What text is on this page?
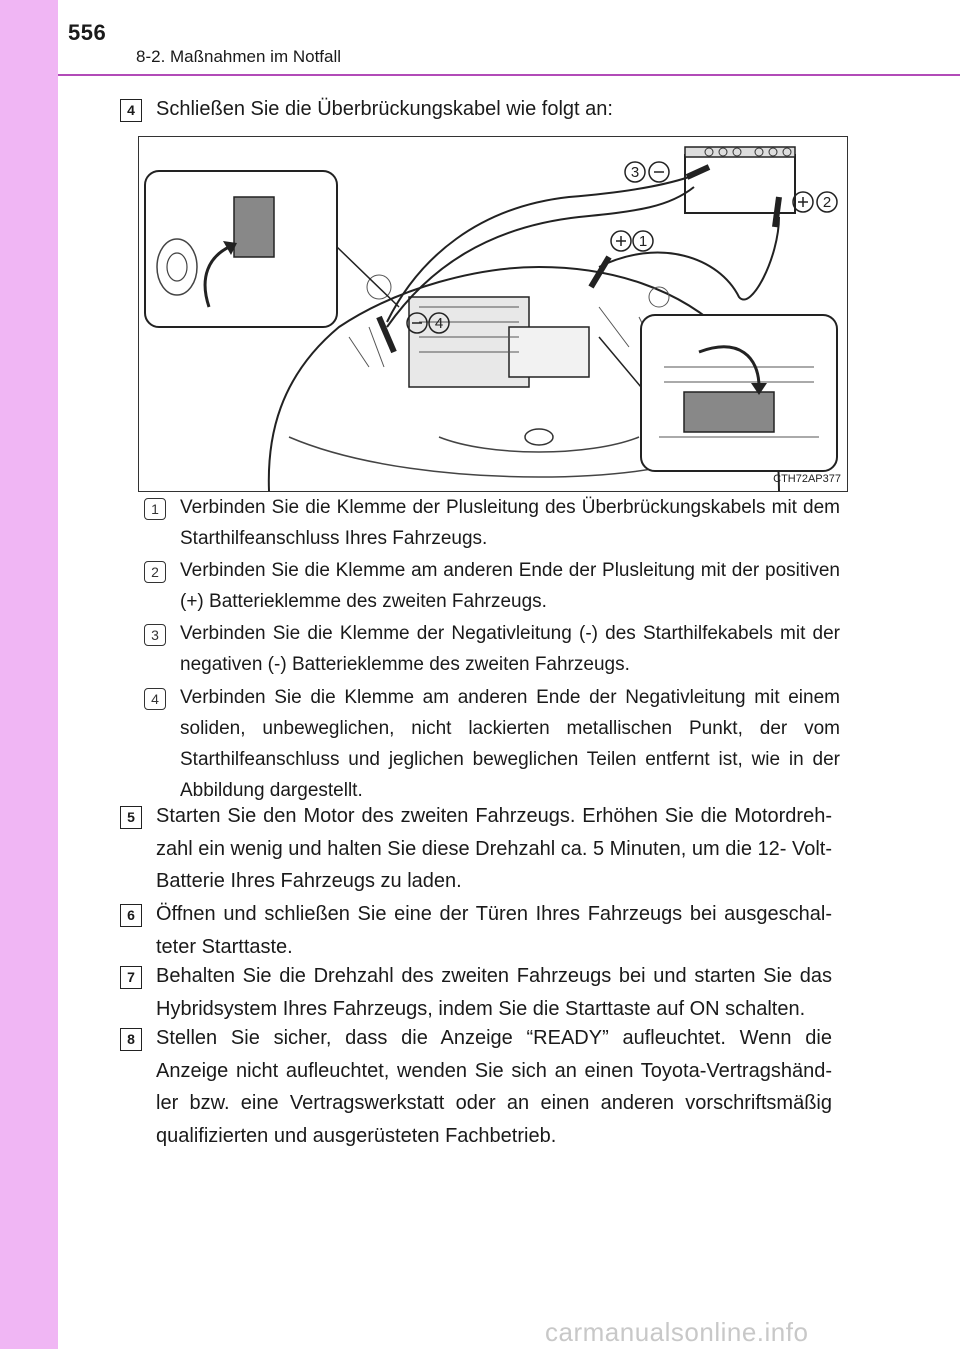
556
8-2. Maßnahmen im Notfall
4	Schließen Sie die Überbrückungskabel wie folgt an:
1
2
3
4
CTH72AP377
1	Verbinden Sie die Klemme der Plusleitung des Überbrückungskabels mit dem Starthilfeanschluss Ihres Fahrzeugs.
2	Verbinden Sie die Klemme am anderen Ende der Plusleitung mit der positiven (+) Batterieklemme des zweiten Fahrzeugs.
3	Verbinden Sie die Klemme der Negativleitung (-) des Starthilfekabels mit der negativen (-) Batterieklemme des zweiten Fahrzeugs.
4	Verbinden Sie die Klemme am anderen Ende der Negativleitung mit einem soliden, unbeweglichen, nicht lackierten metallischen Punkt, der vom Starthilfeanschluss und jeglichen beweglichen Teilen entfernt ist, wie in der Abbildung dargestellt.
5	Starten Sie den Motor des zweiten Fahrzeugs. Erhöhen Sie die Motordreh- zahl ein wenig und halten Sie diese Drehzahl ca. 5 Minuten, um die 12- Volt-Batterie Ihres Fahrzeugs zu laden.
6	Öffnen und schließen Sie eine der Türen Ihres Fahrzeugs bei ausgeschal- teter Starttaste.
7	Behalten Sie die Drehzahl des zweiten Fahrzeugs bei und starten Sie das Hybridsystem Ihres Fahrzeugs, indem Sie die Starttaste auf ON schalten.
8	Stellen Sie sicher, dass die Anzeige “READY” aufleuchtet. Wenn die Anzeige nicht aufleuchtet, wenden Sie sich an einen Toyota-Vertragshänd- ler bzw. eine Vertragswerkstatt oder an einen anderen vorschriftsmäßig qualifizierten und ausgerüsteten Fachbetrieb.
carmanualsonline.info
